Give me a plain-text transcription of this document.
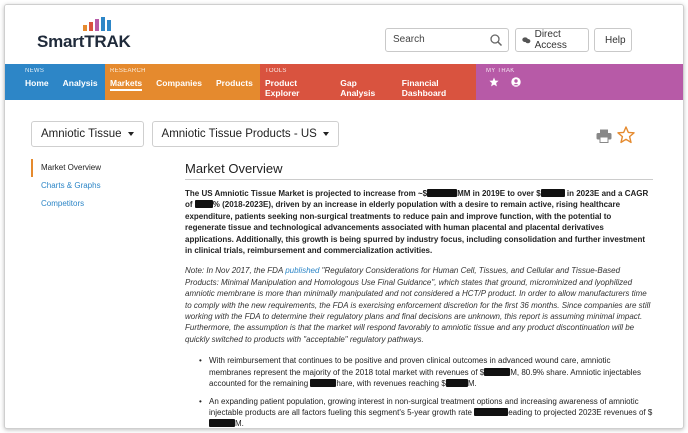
SmartTRAK	Search	Direct Access	Help
NEWS
Home Analysis
RESEARCH
Markets Companies Products
TOOLS
Product Explorer
Gap Analysis
Financial Dashboard
MY TRAK
Amniotic Tissue	Amniotic Tissue Products - US
Market Overview
Charts & Graphs
Competitors
Market Overview

The US Amniotic Tissue Market is projected to increase from ~$	MM in 2019E to over $	in 2023E and a CAGR of % (2018-2023E), driven by an increase in elderly population with a desire to remain active, rising healthcare expenditure, patients seeking non-surgical treatments to reduce pain and improve function, with the potential to regenerate tissue and technological advancements associated with human placental and placental derivatives applications. Additionally, this growth is being spurred by industry focus, including consolidation and further investment in clinical trials, reimbursement and commercialization activities.

Note: In Nov 2017, the FDA published "Regulatory Considerations for Human Cell, Tissues, and Cellular and Tissue-Based Products: Minimal Manipulation and Homologous Use Final Guidance", which states that ground, microminized and lyophilized amniotic membrane is more than minimally manipulated and not considered a HCT/P product. In order to allow manufacturers time to comply with the new requirements, the FDA is exercising enforcement discretion for the first 36 months. Since companies are still working with the FDA to determine their regulatory plans and final decisions are unknown, this report is assuming minimal impact. Furthermore, the assumption is that the market will respond favorably to amniotic tissue and any product discontinuation will be quickly switched to products with "acceptable" regulatory pathways.

• With reimbursement that continues to be positive and proven clinical outcomes in advanced wound care, amniotic membranes represent the majority of the 2018 total market with revenues of $	M, 80.9% share. Amniotic injectables accounted for the remaining	hare, with revenues reaching $	M.
• An expanding patient population, growing interest in non-surgical treatment options and increasing awareness of amniotic injectable products are all factors fueling this segment's 5-year growth rate	eading to projected 2023E revenues of $M.
